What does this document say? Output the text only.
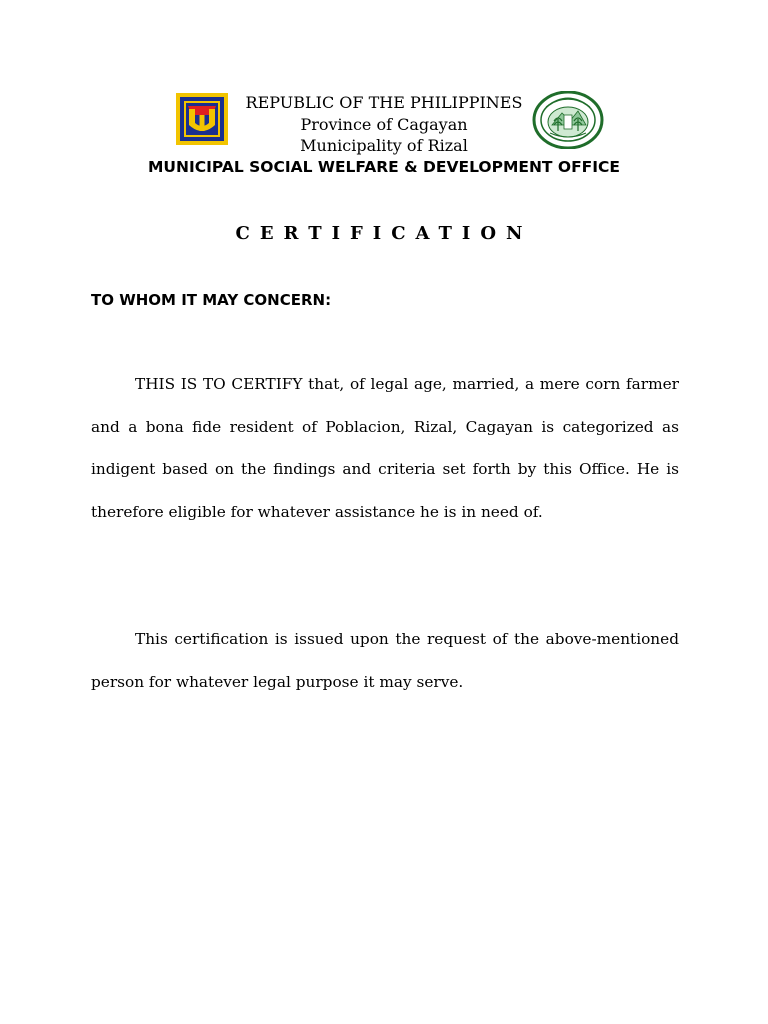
REPUBLIC OF THE PHILIPPINES
Province of Cagayan
Municipality of Rizal
MUNICIPAL SOCIAL WELFARE & DEVELOPMENT OFFICE
CERTIFICATION
TO WHOM IT MAY CONCERN:

THIS IS TO CERTIFY that, of legal age, married, a mere corn farmer and a bona fide resident of Poblacion, Rizal, Cagayan is categorized as indigent based on the findings and criteria set forth by this Office. He is therefore eligible for whatever assistance he is in need of.

This certification is issued upon the request of the above-mentioned person for whatever legal purpose it may serve.
